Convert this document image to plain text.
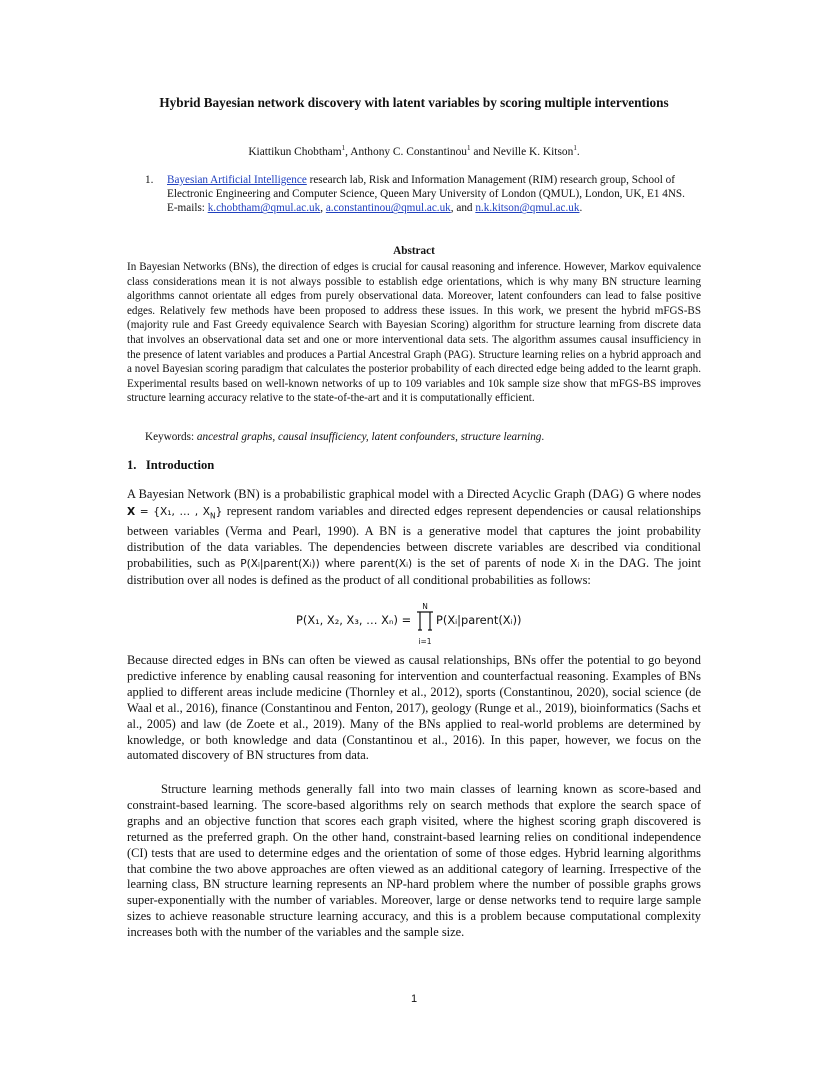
Hybrid Bayesian network discovery with latent variables by scoring multiple interventions
Kiattikun Chobtham$^1$, Anthony C. Constantinou$^1$ and Neville K. Kitson$^1$.
1. Bayesian Artificial Intelligence research lab, Risk and Information Management (RIM) research group, School of Electronic Engineering and Computer Science, Queen Mary University of London (QMUL), London, UK, E1 4NS.
E-mails: k.chobtham@qmul.ac.uk, a.constantinou@qmul.ac.uk, and n.k.kitson@qmul.ac.uk.
Abstract
In Bayesian Networks (BNs), the direction of edges is crucial for causal reasoning and inference. However, Markov equivalence class considerations mean it is not always possible to establish edge orientations, which is why many BN structure learning algorithms cannot orientate all edges from purely observational data. Moreover, latent confounders can lead to false positive edges. Relatively few methods have been proposed to address these issues. In this work, we present the hybrid mFGS-BS (majority rule and Fast Greedy equivalence Search with Bayesian Scoring) algorithm for structure learning from discrete data that involves an observational data set and one or more interventional data sets. The algorithm assumes causal insufficiency in the presence of latent variables and produces a Partial Ancestral Graph (PAG). Structure learning relies on a hybrid approach and a novel Bayesian scoring paradigm that calculates the posterior probability of each directed edge being added to the learnt graph. Experimental results based on well-known networks of up to 109 variables and 10k sample size show that mFGS-BS improves structure learning accuracy relative to the state-of-the-art and it is computationally efficient.
Keywords: ancestral graphs, causal insufficiency, latent confounders, structure learning.
1. Introduction
A Bayesian Network (BN) is a probabilistic graphical model with a Directed Acyclic Graph (DAG) G where nodes X = {X₁, … , $X_N$} represent random variables and directed edges represent dependencies or causal relationships between variables (Verma and Pearl, 1990). A BN is a generative model that captures the joint probability distribution of the data variables. The dependencies between discrete variables are described via conditional probabilities, such as P(Xᵢ|parent(Xᵢ)) where parent(Xᵢ) is the set of parents of node Xᵢ in the DAG. The joint distribution over all nodes is defined as the product of all conditional probabilities as follows:
P(X₁, X₂, X₃, … Xₙ) =
N
i=1
P(Xᵢ|parent(Xᵢ))
Because directed edges in BNs can often be viewed as causal relationships, BNs offer the potential to go beyond predictive inference by enabling causal reasoning for intervention and counterfactual reasoning. Examples of BNs applied to different areas include medicine (Thornley et al., 2012), sports (Constantinou, 2020), social science (de Waal et al., 2016), finance (Constantinou and Fenton, 2017), geology (Runge et al., 2019), bioinformatics (Sachs et al., 2005) and law (de Zoete et al., 2019). Many of the BNs applied to real-world problems are determined by knowledge, or both knowledge and data (Constantinou et al., 2016). In this paper, however, we focus on the automated discovery of BN structures from data.
Structure learning methods generally fall into two main classes of learning known as score-based and constraint-based learning. The score-based algorithms rely on search methods that explore the search space of graphs and an objective function that scores each graph visited, where the highest scoring graph discovered is returned as the preferred graph. On the other hand, constraint-based learning relies on conditional independence (CI) tests that are used to determine edges and the orientation of some of those edges. Hybrid learning algorithms that combine the two above approaches are often viewed as an additional category of learning. Irrespective of the learning class, BN structure learning represents an NP-hard problem where the number of possible graphs grows super-exponentially with the number of variables. Moreover, large or dense networks tend to require large sample sizes to achieve reasonable structure learning accuracy, and this is a problem because computational complexity increases both with the number of the variables and the sample size.
1
